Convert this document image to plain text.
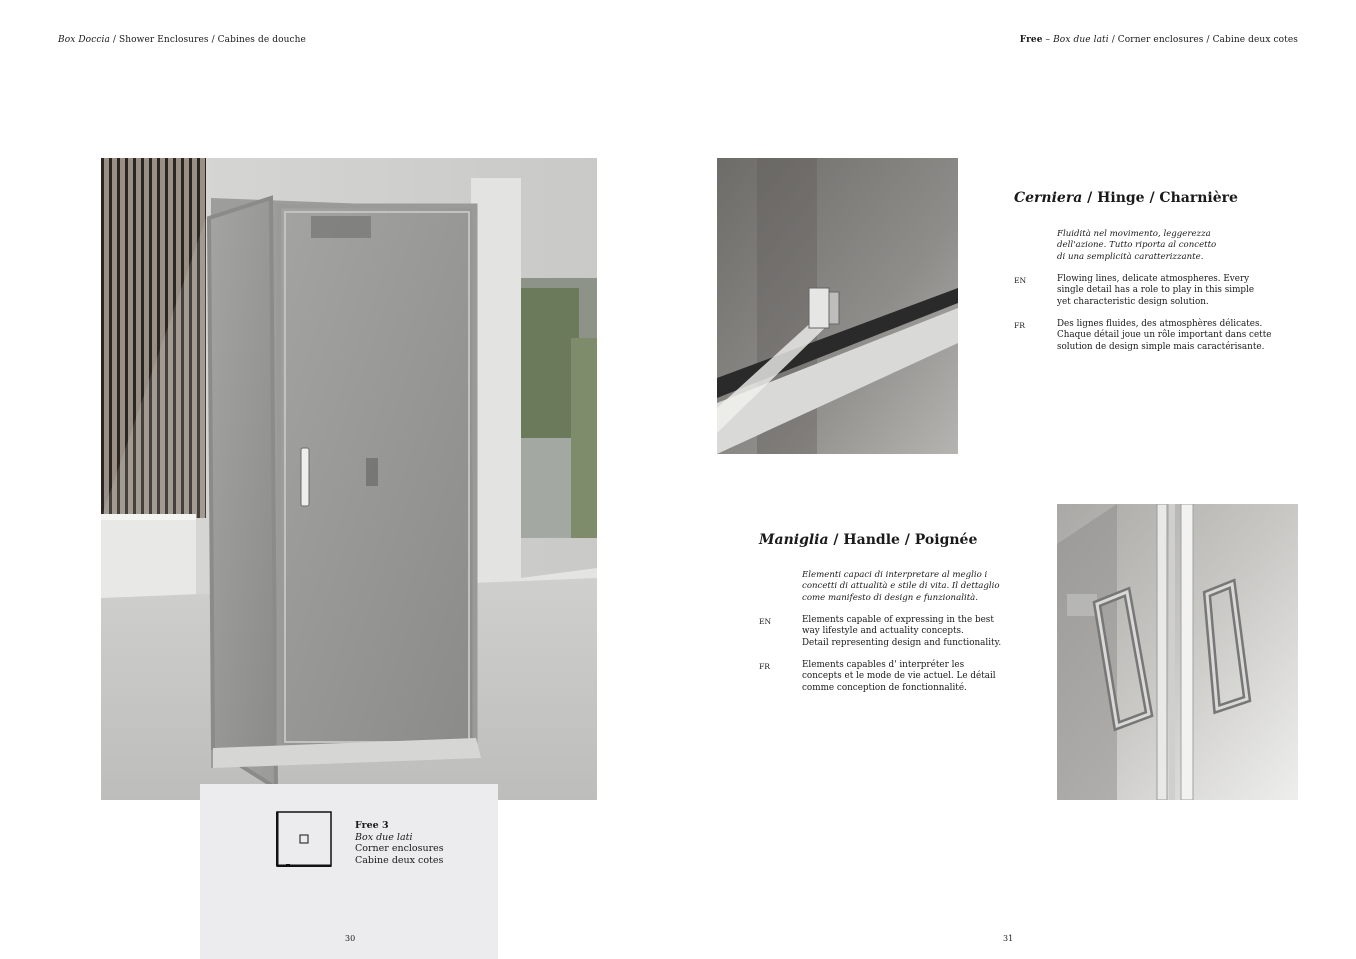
Box Doccia / Shower Enclosures / Cabines de douche	Free – Box due lati / Corner enclosures / Cabine deux cotes
Free 3
Box due lati
Corner enclosures
Cabine deux cotes
30	31
Cerniera / Hinge / Charnière
Fluidità nel movimento, leggerezza
dell'azione. Tutto riporta al concetto
di una semplicità caratterizzante.
EN	Flowing lines, delicate atmospheres. Every
single detail has a role to play in this simple
yet characteristic design solution.
FR	Des lignes fluides, des atmosphères délicates.
Chaque détail joue un rôle important dans cette
solution de design simple mais caractérisante.
Maniglia / Handle / Poignée
Elementi capaci di interpretare al meglio i
concetti di attualità e stile di vita. Il dettaglio
come manifesto di design e funzionalità.
EN	Elements capable of expressing in the best
way lifestyle and actuality concepts.
Detail representing design and functionality.
FR	Elements capables d' interpréter les
concepts et le mode de vie actuel. Le détail
comme conception de fonctionnalité.
